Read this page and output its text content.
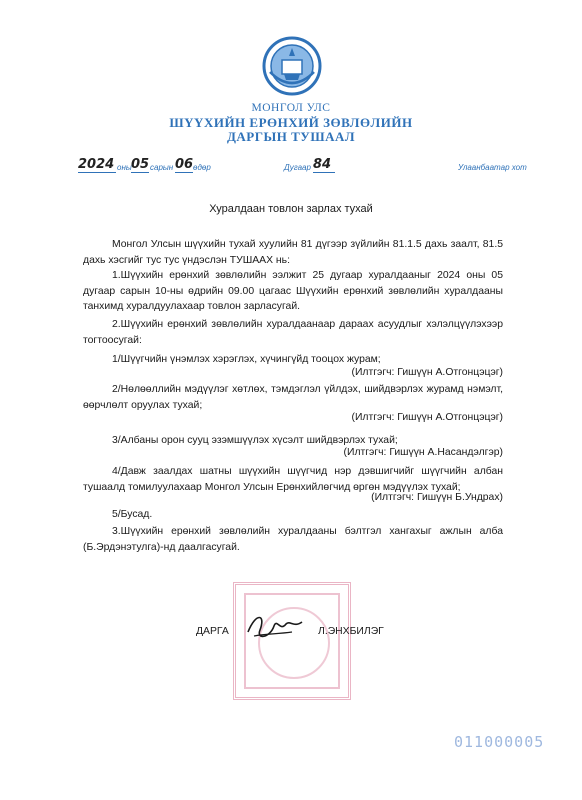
МОНГОЛ УЛС
ШҮҮХИЙН ЕРӨНХИЙ ЗӨВЛӨЛИЙН
ДАРГЫН ТУШААЛ
2024 оны 05 сарын 06 өдөр	Дугаар 84	Улаанбаатар хот
Хуралдаан товлон зарлах тухай
Монгол Улсын шүүхийн тухай хуулийн 81 дүгээр зүйлийн 81.1.5 дахь заалт, 81.5 дахь хэсгийг тус тус үндэслэн ТУШААХ нь:
1.Шүүхийн ерөнхий зөвлөлийн ээлжит 25 дугаар хуралдааныг 2024 оны 05 дугаар сарын 10-ны өдрийн 09.00 цагаас Шүүхийн ерөнхий зөвлөлийн хуралдааны танхимд хуралдуулахаар товлон зарласугай.
2.Шүүхийн ерөнхий зөвлөлийн хуралдаанаар дараах асуудлыг хэлэлцүүлэхээр тогтоосугай:
1/Шүүгчийн үнэмлэх хэрэглэх, хүчингүйд тооцох журам;
(Илтгэгч: Гишүүн А.Отгонцэцэг)
2/Нөлөөллийн мэдүүлэг хөтлөх, тэмдэглэл үйлдэх, шийдвэрлэх журамд нэмэлт, өөрчлөлт оруулах тухай;
(Илтгэгч: Гишүүн А.Отгонцэцэг)
3/Албаны орон сууц эзэмшүүлэх хүсэлт шийдвэрлэх тухай;
(Илтгэгч: Гишүүн А.Насандэлгэр)
4/Давж заалдах шатны шүүхийн шүүгчид нэр дэвшигчийг шүүгчийн албан тушаалд томилуулахаар Монгол Улсын Ерөнхийлөгчид өргөн мэдүүлэх тухай;
(Илтгэгч: Гишүүн Б.Ундрах)
5/Бусад.
3.Шүүхийн ерөнхий зөвлөлийн хуралдааны бэлтгэл хангахыг ажлын алба (Б.Эрдэнэтулга)-нд даалгасугай.
ДАРГА	Л.ЭНХБИЛЭГ
011000005
